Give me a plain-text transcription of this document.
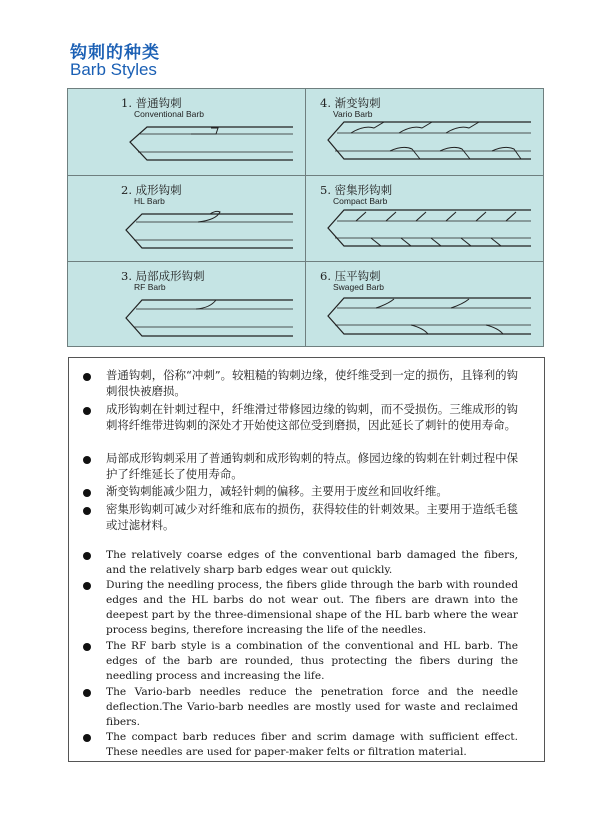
钩刺的种类
Barb Styles
1. 普通钩刺
Conventional Barb
4. 渐变钩刺
Vario Barb
2. 成形钩刺
HL Barb
5. 密集形钩刺
Compact Barb
3. 局部成形钩刺
RF Barb
6. 压平钩刺
Swaged Barb

普通钩刺，俗称“冲刺”。较粗糙的钩刺边缘，使纤维受到一定的损伤，且锋利的钩刺很快被磨损。

成形钩刺在针刺过程中，纤维滑过带修园边缘的钩刺，而不受损伤。三维成形的钩刺将纤维带进钩刺的深处才开始使这部位受到磨损，因此延长了刺针的使用寿命。

局部成形钩刺采用了普通钩刺和成形钩刺的特点。修园边缘的钩刺在针刺过程中保护了纤维延长了使用寿命。

渐变钩刺能减少阻力，减轻针刺的偏移。主要用于废丝和回收纤维。

密集形钩刺可减少对纤维和底布的损伤，获得较佳的针刺效果。主要用于造纸毛毯或过滤材料。

The relatively coarse edges of the conventional barb damaged the fibers, and the relatively sharp barb edges wear out quickly.

During the needling process, the fibers glide through the barb with rounded edges and the HL barbs do not wear out. The fibers are drawn into the deepest part by the three-dimensional shape of the HL barb where the wear process begins, therefore increasing the life of the needles.

The RF barb style is a combination of the conventional and HL barb. The edges of the barb are rounded, thus protecting the fibers during the needling process and increasing the life.

The Vario-barb needles reduce the penetration force and the needle deflection.The Vario-barb needles are mostly used for waste and reclaimed fibers.

The compact barb reduces fiber and scrim damage with sufficient effect. These needles are used for paper-maker felts or filtration material.
